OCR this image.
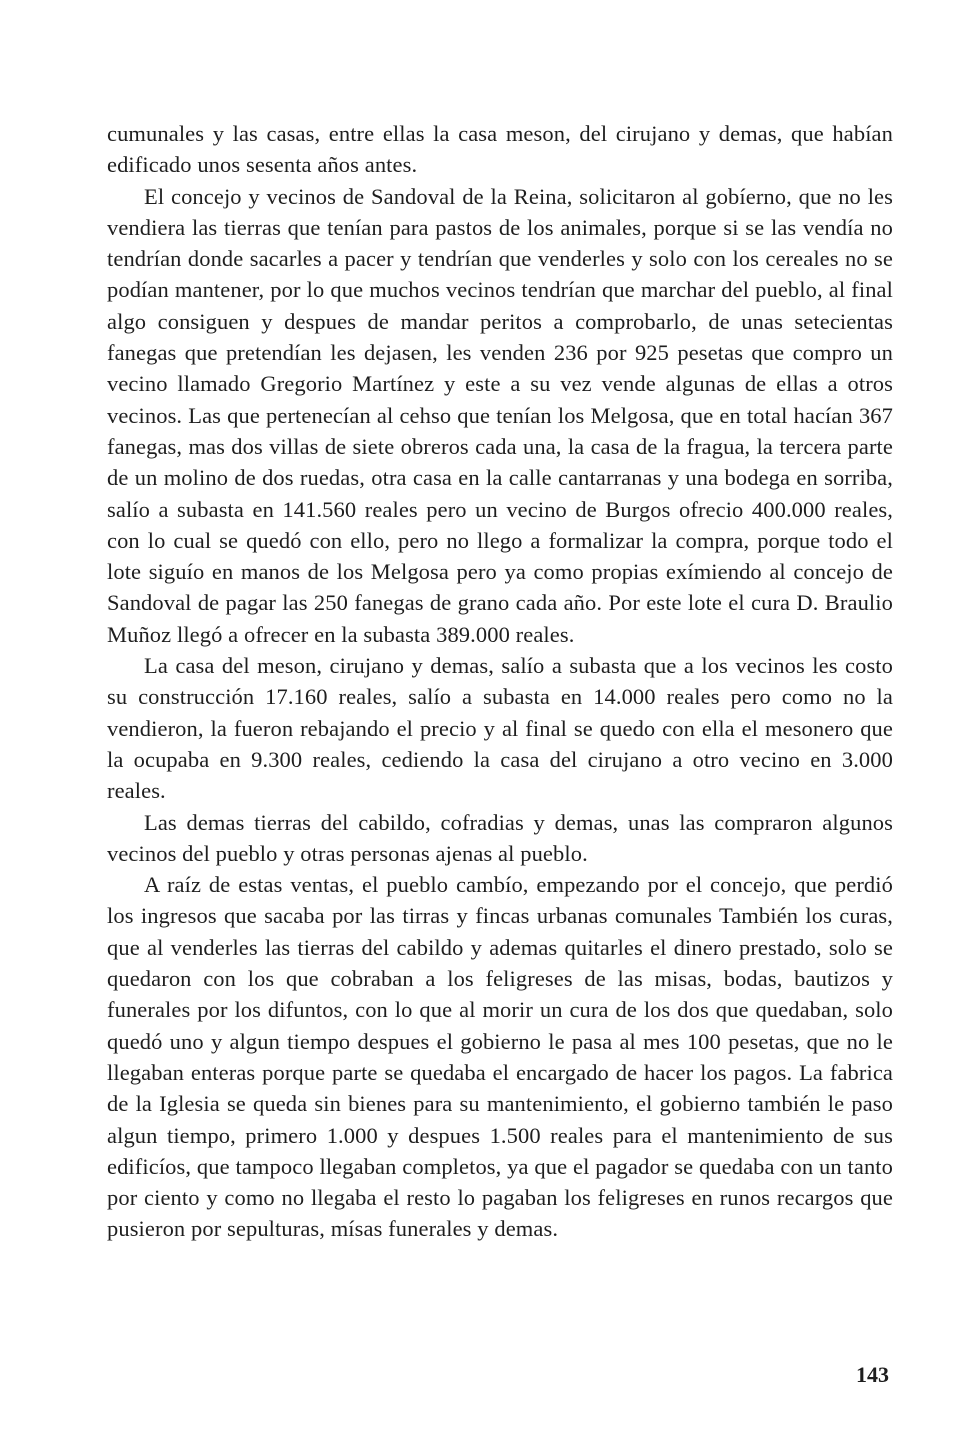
cumunales y las casas, entre ellas la casa meson, del cirujano y demas, que habían edificado unos sesenta años antes.

El concejo y vecinos de Sandoval de la Reina, solicitaron al gobíerno, que no les vendiera las tierras que tenían para pastos de los animales, porque si se las vendía no tendrían donde sacarles a pacer y tendrían que venderles y solo con los cereales no se podían mantener, por lo que muchos vecinos tendrían que marchar del pueblo, al final algo consiguen y despues de mandar peritos a comprobarlo, de unas setecientas fanegas que pretendían les dejasen, les venden 236 por 925 pesetas que compro un vecino llamado Gregorio Martínez y este a su vez vende algunas de ellas a otros vecinos. Las que pertenecían al cehso que tenían los Melgosa, que en total hacían 367 fanegas, mas dos villas de siete obreros cada una, la casa de la fragua, la tercera parte de un molino de dos ruedas, otra casa en la calle cantarranas y una bodega en sorriba, salío a subasta en 141.560 reales pero un vecino de Burgos ofrecio 400.000 reales, con lo cual se quedó con ello, pero no llego a formalizar la compra, porque todo el lote siguío en manos de los Melgosa pero ya como propias exímiendo al concejo de Sandoval de pagar las 250 fanegas de grano cada año. Por este lote el cura D. Braulio Muñoz llegó a ofrecer en la subasta 389.000 reales.

La casa del meson, cirujano y demas, salío a subasta que a los vecinos les costo su construcción 17.160 reales, salío a subasta en 14.000 reales pero como no la vendieron, la fueron rebajando el precio y al final se quedo con ella el mesonero que la ocupaba en 9.300 reales, cediendo la casa del cirujano a otro vecino en 3.000 reales.

Las demas tierras del cabildo, cofradias y demas, unas las compraron algunos vecinos del pueblo y otras personas ajenas al pueblo.

A raíz de estas ventas, el pueblo cambío, empezando por el concejo, que perdió los ingresos que sacaba por las tirras y fincas urbanas comunales También los curas, que al venderles las tierras del cabildo y ademas quitarles el dinero prestado, solo se quedaron con los que cobraban a los feligreses de las misas, bodas, bautizos y funerales por los difuntos, con lo que al morir un cura de los dos que quedaban, solo quedó uno y algun tiempo despues el gobierno le pasa al mes 100 pesetas, que no le llegaban enteras porque parte se quedaba el encargado de hacer los pagos. La fabrica de la Iglesia se queda sin bienes para su mantenimiento, el gobierno también le paso algun tiempo, primero 1.000 y despues 1.500 reales para el mantenimiento de sus edificíos, que tampoco llegaban completos, ya que el pagador se quedaba con un tanto por ciento y como no llegaba el resto lo pagaban los feligreses en runos recargos que pusieron por sepulturas, mísas funerales y demas.

143
